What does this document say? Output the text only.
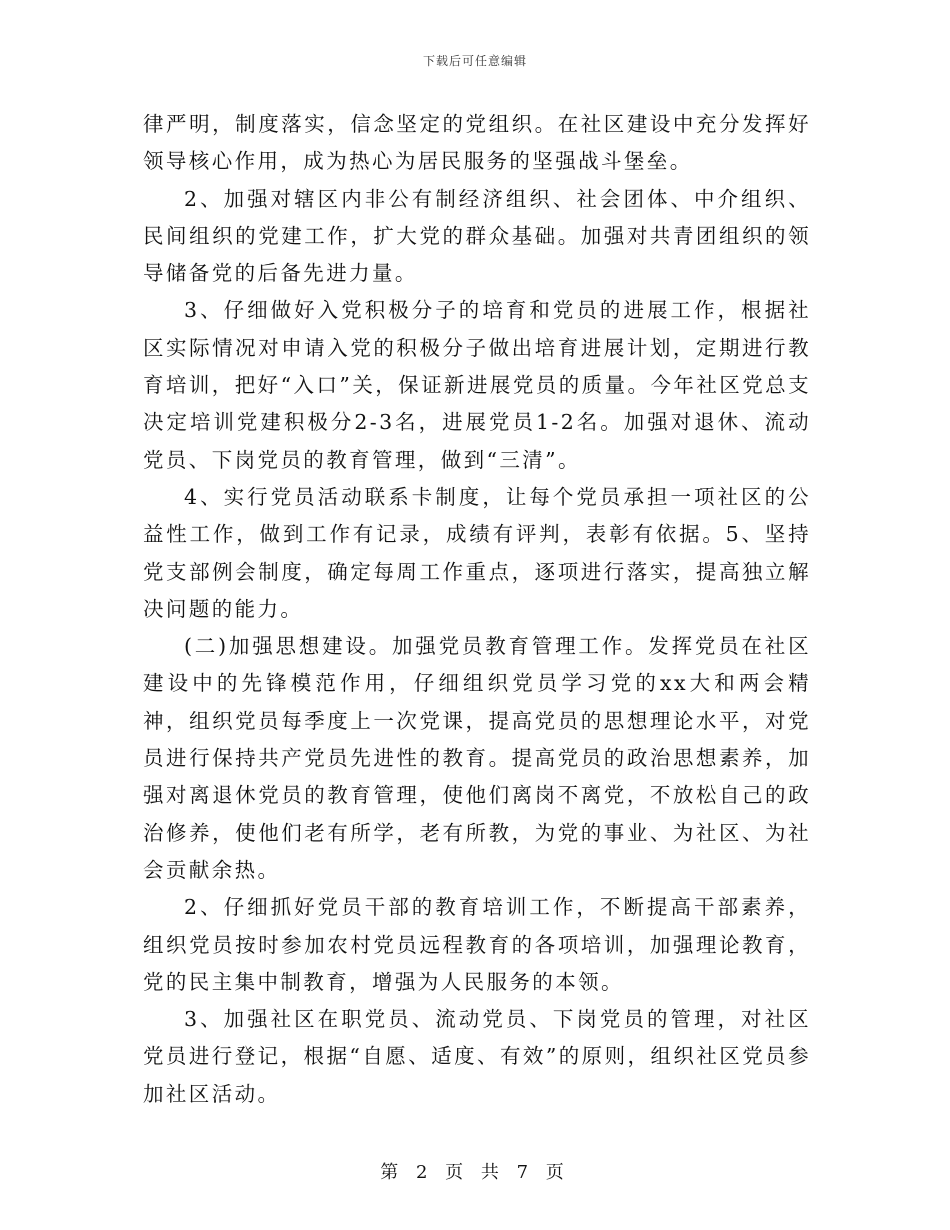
下载后可任意编辑

律严明，制度落实，信念坚定的党组织。在社区建设中充分发挥好领导核心作用，成为热心为居民服务的坚强战斗堡垒。

2、加强对辖区内非公有制经济组织、社会团体、中介组织、民间组织的党建工作，扩大党的群众基础。加强对共青团组织的领导储备党的后备先进力量。

3、仔细做好入党积极分子的培育和党员的进展工作，根据社区实际情况对申请入党的积极分子做出培育进展计划，定期进行教育培训，把好“入口”关，保证新进展党员的质量。今年社区党总支决定培训党建积极分2-3名，进展党员1-2名。加强对退休、流动党员、下岗党员的教育管理，做到“三清”。

4、实行党员活动联系卡制度，让每个党员承担一项社区的公益性工作，做到工作有记录，成绩有评判，表彰有依据。5、坚持党支部例会制度，确定每周工作重点，逐项进行落实，提高独立解决问题的能力。

(二)加强思想建设。加强党员教育管理工作。发挥党员在社区建设中的先锋模范作用，仔细组织党员学习党的xx大和两会精神，组织党员每季度上一次党课，提高党员的思想理论水平，对党员进行保持共产党员先进性的教育。提高党员的政治思想素养，加强对离退休党员的教育管理，使他们离岗不离党，不放松自己的政治修养，使他们老有所学，老有所教，为党的事业、为社区、为社会贡献余热。

2、仔细抓好党员干部的教育培训工作，不断提高干部素养，组织党员按时参加农村党员远程教育的各项培训，加强理论教育，党的民主集中制教育，增强为人民服务的本领。

3、加强社区在职党员、流动党员、下岗党员的管理，对社区党员进行登记，根据“自愿、适度、有效”的原则，组织社区党员参加社区活动。

第 2 页 共 7 页
